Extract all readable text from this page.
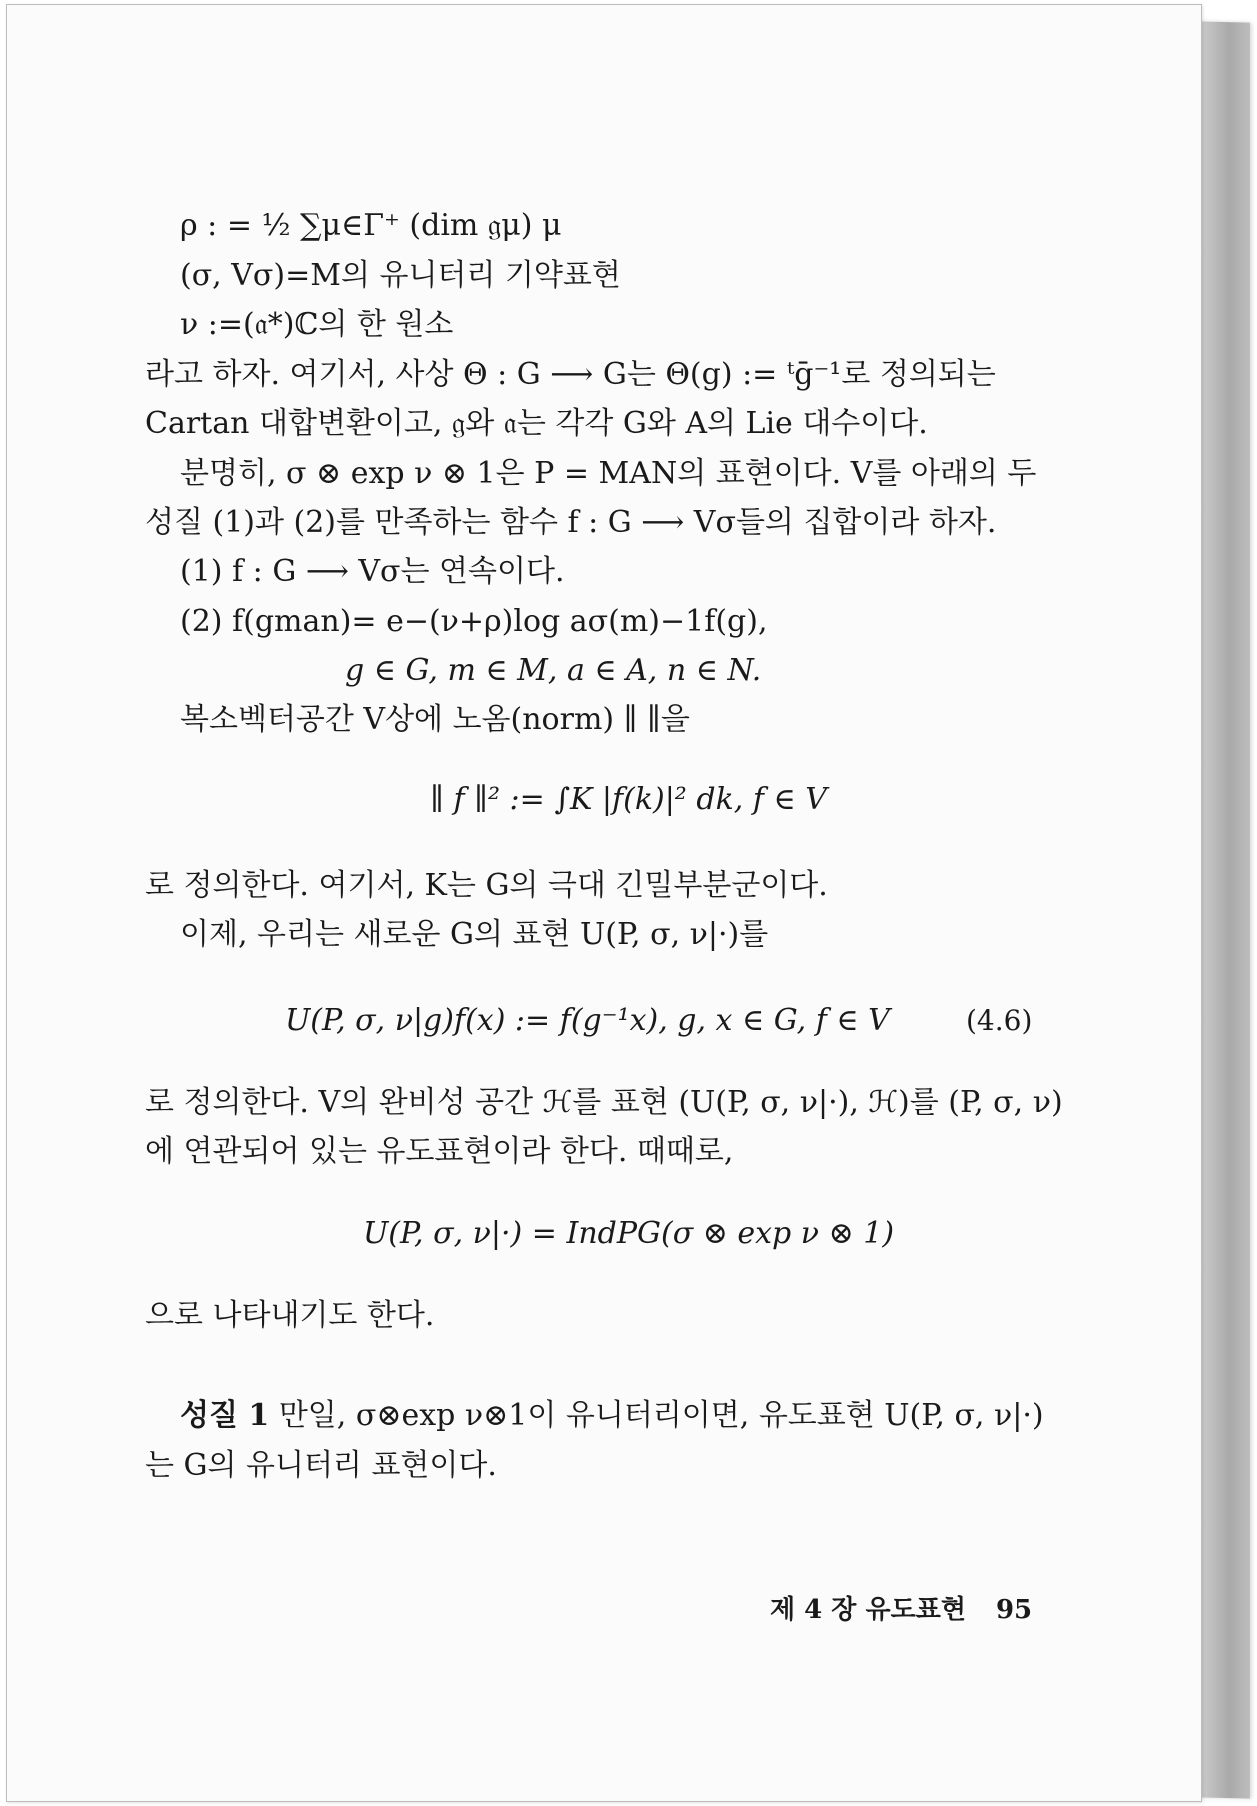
ρ : = ½ ∑μ∈Γ⁺ (dim 𝔤μ) μ
(σ, Vσ)=M의 유니터리 기약표현
ν :=(𝔞*)ℂ의 한 원소
라고 하자. 여기서, 사상 Θ : G ⟶ G는 Θ(g) := ᵗḡ⁻¹로 정의되는
Cartan 대합변환이고, 𝔤와 𝔞는 각각 G와 A의 Lie 대수이다.
분명히, σ ⊗ exp ν ⊗ 1은 P = MAN의 표현이다. V를 아래의 두
성질 (1)과 (2)를 만족하는 함수 f : G ⟶ Vσ들의 집합이라 하자.
(1) f : G ⟶ Vσ는 연속이다.
(2) f(gman)= e−(ν+ρ)log aσ(m)−1f(g),
g ∈ G, m ∈ M, a ∈ A, n ∈ N.
복소벡터공간 V상에 노옴(norm) ∥ ∥을
∥ f ∥² := ∫K |f(k)|² dk, f ∈ V
로 정의한다. 여기서, K는 G의 극대 긴밀부분군이다.
이제, 우리는 새로운 G의 표현 U(P, σ, ν|·)를
U(P, σ, ν|g)f(x) := f(g⁻¹x), g, x ∈ G, f ∈ V	(4.6)
로 정의한다. V의 완비성 공간 ℋ를 표현 (U(P, σ, ν|·), ℋ)를 (P, σ, ν)
에 연관되어 있는 유도표현이라 한다. 때때로,
U(P, σ, ν|·) = IndPG(σ ⊗ exp ν ⊗ 1)
으로 나타내기도 한다.
성질 1 만일, σ⊗exp ν⊗1이 유니터리이면, 유도표현 U(P, σ, ν|·)
는 G의 유니터리 표현이다.
제 4 장 유도표현 95
